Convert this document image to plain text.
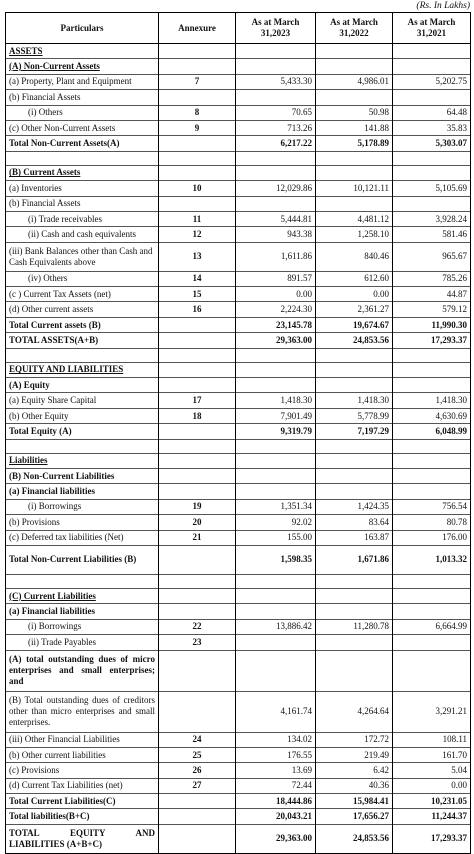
(Rs. In Lakhs)
Particulars	Annexure	As at March 31,2023	As at March 31,2022	As at March 31,2021
ASSETS				
(A) Non-Current Assets				
(a) Property, Plant and Equipment	7	5,433.30	4,986.01	5,202.75
(b) Financial Assets				
(i) Others	8	70.65	50.98	64.48
(c) Other Non-Current Assets	9	713.26	141.88	35.83
Total Non-Current Assets(A)		6,217.22	5,178.89	5,303.07

(B) Current Assets				
(a) Inventories	10	12,029.86	10,121.11	5,105.69
(b) Financial Assets				
(i) Trade receivables	11	5,444.81	4,481.12	3,928.24
(ii) Cash and cash equivalents	12	943.38	1,258.10	581.46
(iii) Bank Balances other than Cash and Cash Equivalents above	13	1,611.86	840.46	965.67
(iv) Others	14	891.57	612.60	785.26
(c ) Current Tax Assets (net)	15	0.00	0.00	44.87
(d) Other current assets	16	2,224.30	2,361.27	579.12
Total Current assets (B)		23,145.78	19,674.67	11,990.30
TOTAL ASSETS(A+B)		29,363.00	24,853.56	17,293.37

EQUITY AND LIABILITIES				
(A) Equity				
(a) Equity Share Capital	17	1,418.30	1,418.30	1,418.30
(b) Other Equity	18	7,901.49	5,778.99	4,630.69
Total Equity (A)		9,319.79	7,197.29	6,048.99

Liabilities				
(B) Non-Current Liabilities				
(a) Financial liabilities				
(i) Borrowings	19	1,351.34	1,424.35	756.54
(b) Provisions	20	92.02	83.64	80.78
(c) Deferred tax liabilities (Net)	21	155.00	163.87	176.00
Total Non-Current Liabilities (B)		1,598.35	1,671.86	1,013.32

(C) Current Liabilities				
(a) Financial liabilities				
(i) Borrowings	22	13,886.42	11,280.78	6,664.99
(ii) Trade Payables	23			
(A) total outstanding dues of micro enterprises and small enterprises; and				
(B) Total outstanding dues of creditors other than micro enterprises and small enterprises.		4,161.74	4,264.64	3,291.21
(iii) Other Financial Liabilities	24	134.02	172.72	108.11
(b) Other current liabilities	25	176.55	219.49	161.70
(c) Provisions	26	13.69	6.42	5.04
(d) Current Tax Liabilities (net)	27	72.44	40.36	0.00
Total Current Liabilities(C)		18,444.86	15,984.41	10,231.05
Total liabilities(B+C)		20,043.21	17,656.27	11,244.37
TOTAL EQUITY AND LIABILITIES (A+B+C)		29,363.00	24,853.56	17,293.37
